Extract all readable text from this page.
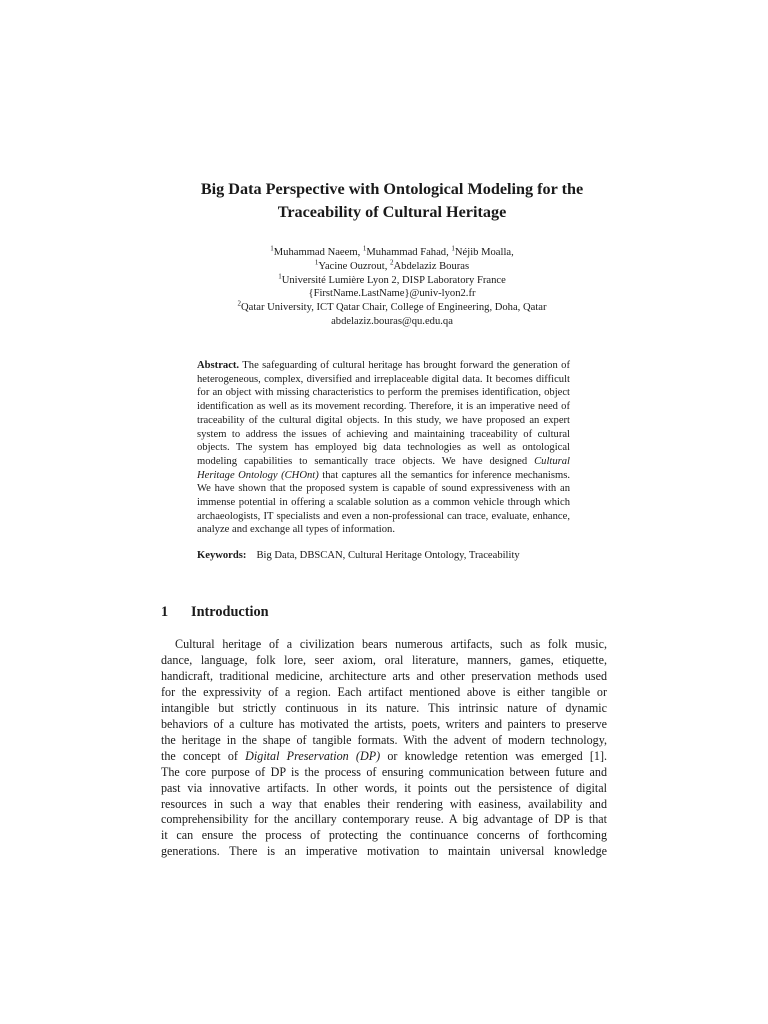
Big Data Perspective with Ontological Modeling for the
Traceability of Cultural Heritage
$^1$Muhammad Naeem, $^1$Muhammad Fahad, $^1$Néjib Moalla,
$^1$Yacine Ouzrout, $^2$Abdelaziz Bouras
$^1$Université Lumière Lyon 2, DISP Laboratory France
{FirstName.LastName}@univ-lyon2.fr
$^2$Qatar University, ICT Qatar Chair, College of Engineering, Doha, Qatar
abdelaziz.bouras@qu.edu.qa
Abstract. The safeguarding of cultural heritage has brought forward the generation of heterogeneous, complex, diversified and irreplaceable digital data. It becomes difficult for an object with missing characteristics to perform the premises identification, object identification as well as its movement recording. Therefore, it is an imperative need of traceability of the cultural digital objects. In this study, we have proposed an expert system to address the issues of achieving and maintaining traceability of cultural objects. The system has employed big data technologies as well as ontological modeling capabilities to semantically trace objects. We have designed Cultural Heritage Ontology (CHOnt) that captures all the semantics for inference mechanisms. We have shown that the proposed system is capable of sound expressiveness with an immense potential in offering a scalable solution as a common vehicle through which archaeologists, IT specialists and even a non-professional can trace, evaluate, enhance, analyze and exchange all types of information.
Keywords: Big Data, DBSCAN, Cultural Heritage Ontology, Traceability
1 Introduction
Cultural heritage of a civilization bears numerous artifacts, such as folk music,
dance, language, folk lore, seer axiom, oral literature, manners, games, etiquette,
handicraft, traditional medicine, architecture arts and other preservation methods used
for the expressivity of a region. Each artifact mentioned above is either tangible or
intangible but strictly continuous in its nature. This intrinsic nature of dynamic
behaviors of a culture has motivated the artists, poets, writers and painters to preserve
the heritage in the shape of tangible formats. With the advent of modern technology,
the concept of Digital Preservation (DP) or knowledge retention was emerged [1].
The core purpose of DP is the process of ensuring communication between future and
past via innovative artifacts. In other words, it points out the persistence of digital
resources in such a way that enables their rendering with easiness, availability and
comprehensibility for the ancillary contemporary reuse. A big advantage of DP is that
it can ensure the process of protecting the continuance concerns of forthcoming
generations. There is an imperative motivation to maintain universal knowledge
